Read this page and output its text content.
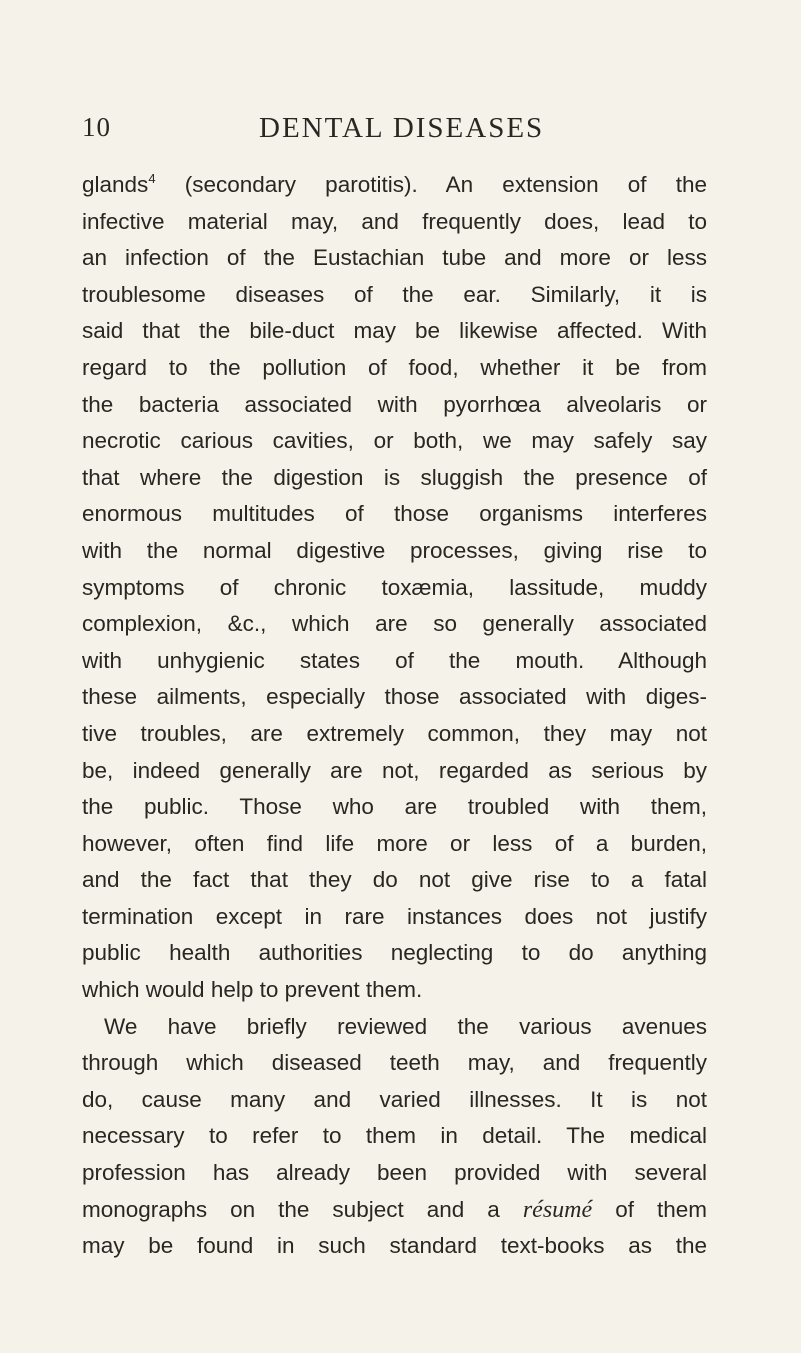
10	DENTAL DISEASES
glands$^4$ (secondary parotitis). An extension of the
infective material may, and frequently does, lead to
an infection of the Eustachian tube and more or less
troublesome diseases of the ear. Similarly, it is
said that the bile-duct may be likewise affected. With
regard to the pollution of food, whether it be from
the bacteria associated with pyorrhœa alveolaris or
necrotic carious cavities, or both, we may safely say
that where the digestion is sluggish the presence of
enormous multitudes of those organisms interferes
with the normal digestive processes, giving rise to
symptoms of chronic toxæmia, lassitude, muddy
complexion, &c., which are so generally associated
with unhygienic states of the mouth. Although
these ailments, especially those associated with diges-
tive troubles, are extremely common, they may not
be, indeed generally are not, regarded as serious by
the public. Those who are troubled with them,
however, often find life more or less of a burden,
and the fact that they do not give rise to a fatal
termination except in rare instances does not justify
public health authorities neglecting to do anything
which would help to prevent them.
We have briefly reviewed the various avenues
through which diseased teeth may, and frequently
do, cause many and varied illnesses. It is not
necessary to refer to them in detail. The medical
profession has already been provided with several
monographs on the subject and a résumé of them
may be found in such standard text-books as the
